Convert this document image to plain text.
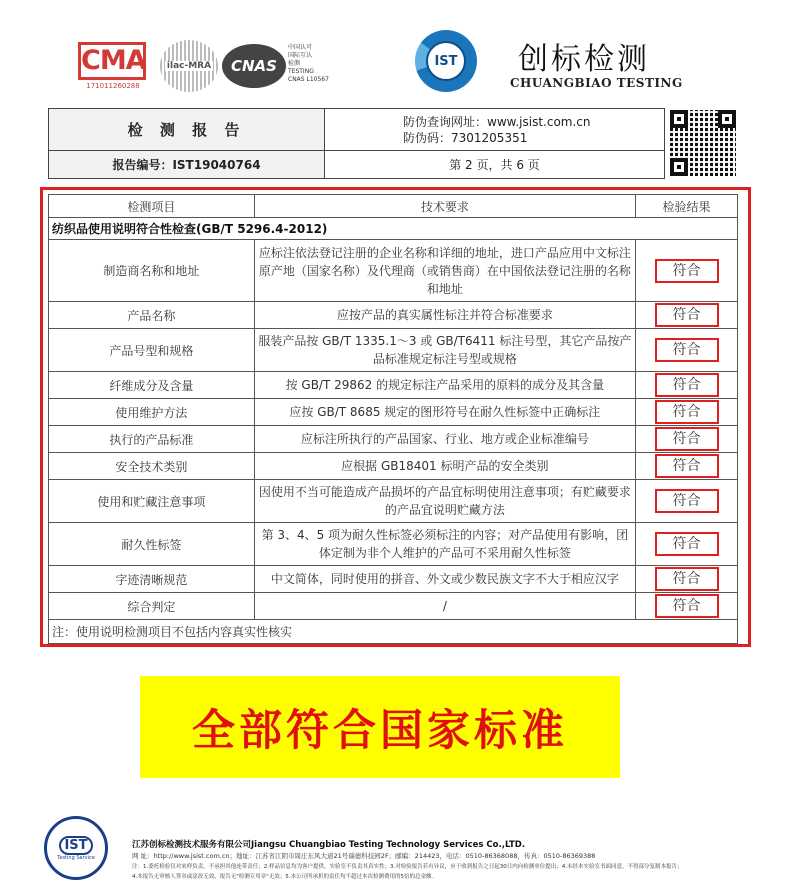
CMA
171011260288
ilac-MRA	CNAS
中国认可
国际互认
检测
TESTING
CNAS L10567
IST 创标检测
CHUANGBIAO TESTING
检 测 报 告
报告编号：IST19040764
防伪查询网址：www.jsist.com.cn
防伪码：7301205351
第 2 页，共 6 页
检测项目	技术要求	检验结果
纺织品使用说明符合性检查(GB/T 5296.4-2012)		
制造商名称和地址	应标注依法登记注册的企业名称和详细的地址，进口产品应用中文标注原产地（国家名称）及代理商（或销售商）在中国依法登记注册的名称和地址	符合
产品名称	应按产品的真实属性标注并符合标准要求	符合
产品号型和规格	服装产品按 GB/T 1335.1～3 或 GB/T6411 标注号型，其它产品按产品标准规定标注号型或规格	符合
纤维成分及含量	按 GB/T 29862 的规定标注产品采用的原料的成分及其含量	符合
使用维护方法	应按 GB/T 8685 规定的图形符号在耐久性标签中正确标注	符合
执行的产品标准	应标注所执行的产品国家、行业、地方或企业标准编号	符合
安全技术类别	应根据 GB18401 标明产品的安全类别	符合
使用和贮藏注意事项	因使用不当可能造成产品损坏的产品宜标明使用注意事项；有贮藏要求的产品宜说明贮藏方法	符合
耐久性标签	第 3、4、5 项为耐久性标签必须标注的内容；对产品使用有影响，团体定制为非个人维护的产品可不采用耐久性标签	符合
字迹清晰规范	中文简体，同时使用的拼音、外文或少数民族文字不大于相应汉字	符合
综合判定	/	符合
注：使用说明检测项目不包括内容真实性核实		
全部符合国家标准
IST
Testing Service
江苏创标检测技术服务有限公司Jiangsu Chuangbiao Testing Technology Services Co.,LTD.
网 址：http://www.jsist.com.cn；地址：江苏省江阴市周庄东风大道21号瑞德科技园2F；邮编：214423，电话：0510-86368088，传真：0510-86369388
注：1.委托检验仅对来样负责，不承担其他连带责任；2.样品信息均为客户提供，实验室不负责其真实性；3.对检验报告若有异议，应于收到报告之日起30日内向检测单位提出；4.未经本实验室书面同意，不得部分复制本报告；
4.本报告无审核人签章或涂改无效，报告无"检测专用章"无效；5.本公司所承担的责任均不超过本次检测费用的5倍的总金额。
